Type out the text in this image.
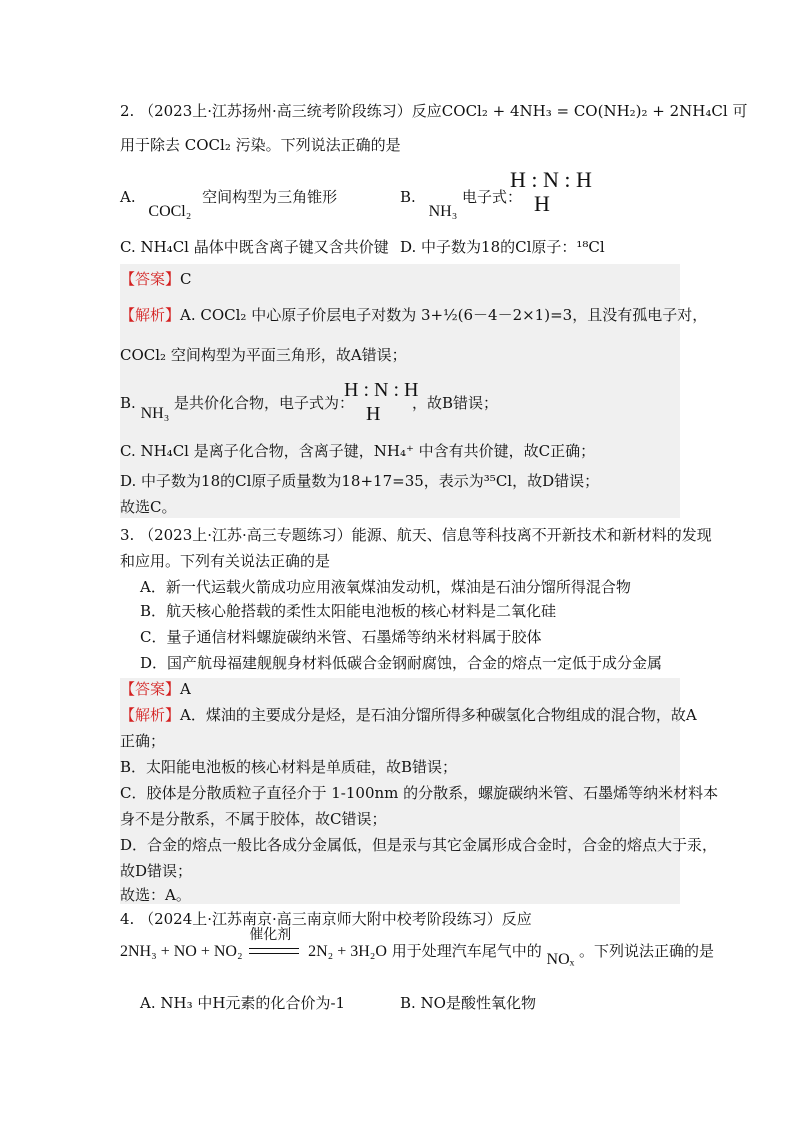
2. （2023上·江苏扬州·高三统考阶段练习）反应COCl₂ + 4NH₃ = CO(NH₂)₂ + 2NH₄Cl 可
用于除去 COCl₂ 污染。下列说法正确的是
A. COCl₂ 空间构型为三角锥形	B. NH₃ 电子式：
H : N : H
H
C. NH₄Cl 晶体中既含离子键又含共价键 D. 中子数为18的Cl原子：¹⁸Cl
【答案】C
【解析】A. COCl₂ 中心原子价层电子对数为 3+½(6－4－2×1)=3，且没有孤电子对，
COCl₂ 空间构型为平面三角形，故A错误；
B. NH₃ 是共价化合物，电子式为：
H : N : H
H	，故B错误；
C. NH₄Cl 是离子化合物，含离子键，NH₄⁺ 中含有共价键，故C正确；
D. 中子数为18的Cl原子质量数为18+17=35，表示为³⁵Cl，故D错误；
故选C。
3. （2023上·江苏·高三专题练习）能源、航天、信息等科技离不开新技术和新材料的发现
和应用。下列有关说法正确的是
A．新一代运载火箭成功应用液氧煤油发动机，煤油是石油分馏所得混合物
B．航天核心舱搭载的柔性太阳能电池板的核心材料是二氧化硅
C．量子通信材料螺旋碳纳米管、石墨烯等纳米材料属于胶体
D．国产航母福建舰舰身材料低碳合金钢耐腐蚀，合金的熔点一定低于成分金属
【答案】A
【解析】A．煤油的主要成分是烃，是石油分馏所得多种碳氢化合物组成的混合物，故A
正确；
B．太阳能电池板的核心材料是单质硅，故B错误；
C．胶体是分散质粒子直径介于 1-100nm 的分散系，螺旋碳纳米管、石墨烯等纳米材料本
身不是分散系，不属于胶体，故C错误；
D．合金的熔点一般比各成分金属低，但是汞与其它金属形成合金时，合金的熔点大于汞，
故D错误；
故选：A。
4. （2024上·江苏南京·高三南京师大附中校考阶段练习）反应
2NH₃ + NO + NO₂
催化剂
2N₂ + 3H₂O 用于处理汽车尾气中的 NOₓ 。下列说法正确的是
A. NH₃ 中H元素的化合价为-1	B. NO是酸性氧化物
